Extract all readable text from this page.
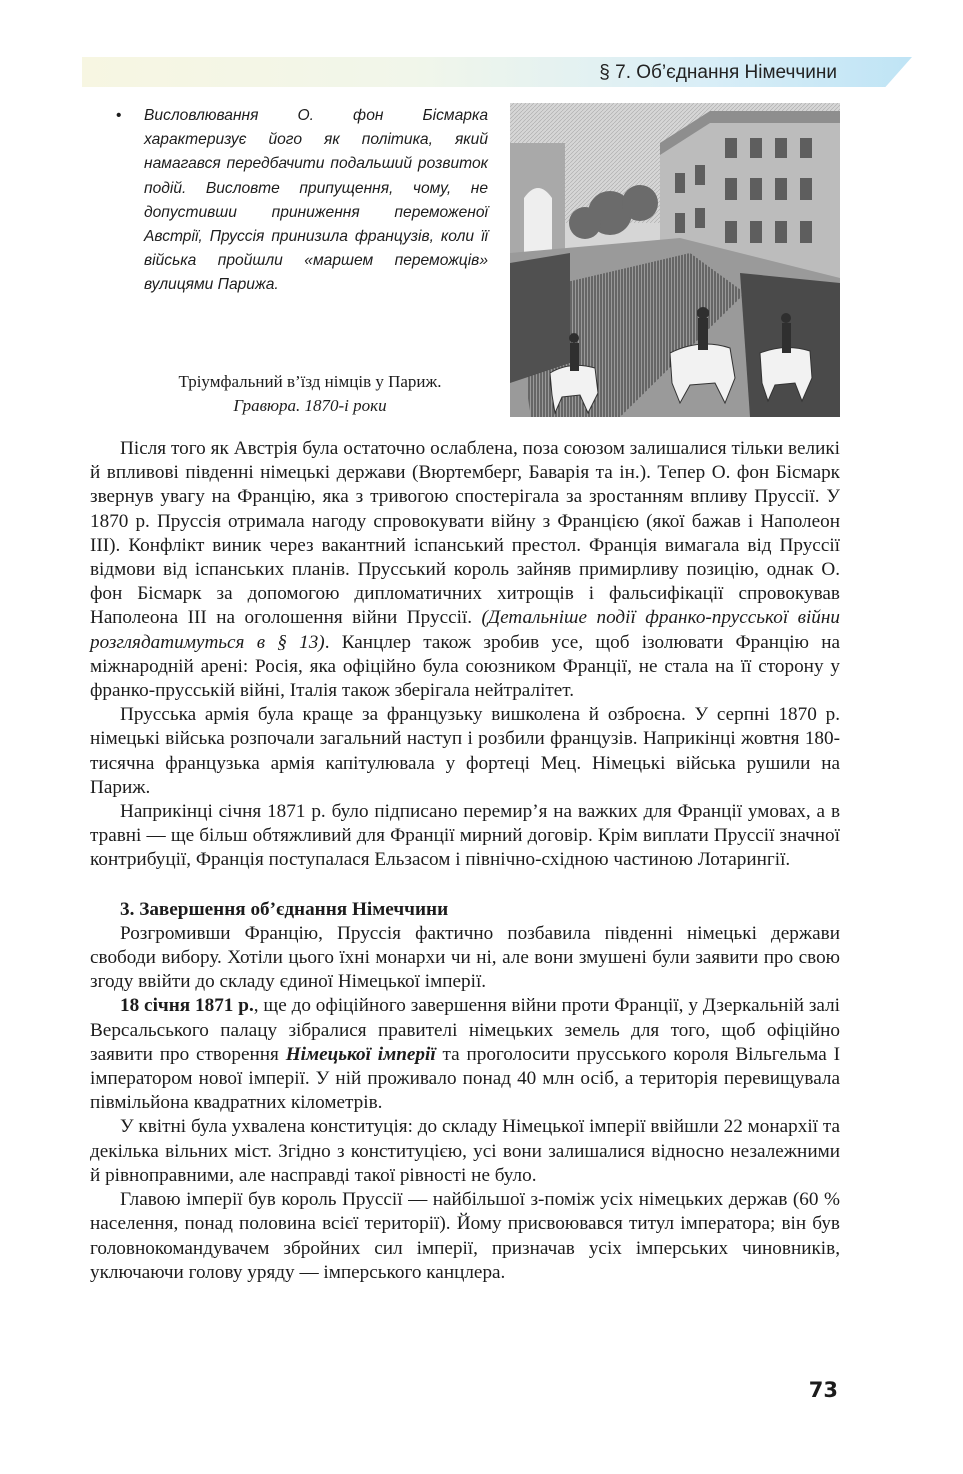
§ 7. Об’єднання Німеччини
•	Висловлювання О. фон Бісмарка характеризує його як політика, який намагався передбачити подальший розвиток подій. Висловте припущення, чому, не допустивши приниження переможеної Австрії, Пруссія принизила французів, коли її війська пройшли «маршем переможців» вулицями Парижа.
Тріумфальний в’їзд німців у Париж.
Гравюра. 1870-і роки

Після того як Австрія була остаточно ослаблена, поза союзом залишалися тільки великі й впливові південні німецькі держави (Вюртемберг, Баварія та ін.). Тепер О. фон Бісмарк звернув увагу на Францію, яка з тривогою спостерігала за зростанням впливу Пруссії. У 1870 р. Пруссія отримала нагоду спровокувати війну з Францією (якої бажав і Наполеон III). Конфлікт виник через вакантний іспанський престол. Франція вимагала від Пруссії відмови від іспанських планів. Прусський король зайняв примирливу позицію, однак О. фон Бісмарк за допомогою дипломатичних хитрощів і фальсифікації спровокував Наполеона III на оголошення війни Пруссії. (Детальніше події франко-прусської війни розглядатимуться в § 13). Канцлер також зробив усе, щоб ізолювати Францію на міжнародній арені: Росія, яка офіційно була союзником Франції, не стала на її сторону у франко-прусській війні, Італія також зберігала нейтралітет.

Прусська армія була краще за французьку вишколена й озброєна. У серпні 1870 р. німецькі війська розпочали загальний наступ і розбили французів. Наприкінці жовтня 180-тисячна французька армія капітулювала у фортеці Мец. Німецькі війська рушили на Париж.

Наприкінці січня 1871 р. було підписано перемир’я на важких для Франції умовах, а в травні — ще більш обтяжливий для Франції мирний договір. Крім виплати Пруссії значної контрибуції, Франція поступалася Ельзасом і північно-східною частиною Лотарингії.

3. Завершення об’єднання Німеччини

Розгромивши Францію, Пруссія фактично позбавила південні німецькі держави свободи вибору. Хотіли цього їхні монархи чи ні, але вони змушені були заявити про свою згоду ввійти до складу єдиної Німецької імперії.

18 січня 1871 р., ще до офіційного завершення війни проти Франції, у Дзеркальній залі Версальського палацу зібралися правителі німецьких земель для того, щоб офіційно заявити про створення Німецької імперії та проголосити прусського короля Вільгельма I імператором нової імперії. У ній проживало понад 40 млн осіб, а територія перевищувала півмільйона квадратних кілометрів.

У квітні була ухвалена конституція: до складу Німецької імперії ввійшли 22 монархії та декілька вільних міст. Згідно з конституцією, усі вони залишалися відносно незалежними й рівноправними, але насправді такої рівності не було.

Главою імперії був король Пруссії — найбільшої з-поміж усіх німецьких держав (60 % населення, понад половина всієї території). Йому присвоювався титул імператора; він був головнокомандувачем збройних сил імперії, призначав усіх імперських чиновників, уключаючи голову уряду — імперського канцлера.

73
